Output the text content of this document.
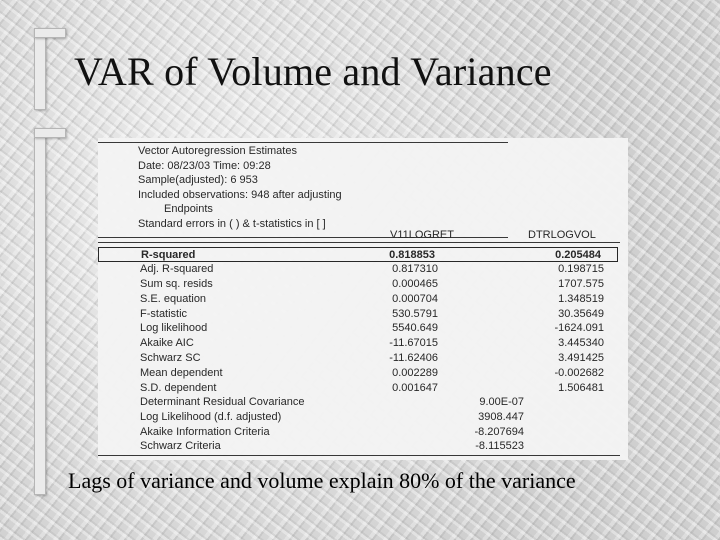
VAR of Volume and Variance
Vector Autoregression Estimates
Date: 08/23/03 Time: 09:28
Sample(adjusted): 6 953
Included observations: 948 after adjusting
Endpoints
Standard errors in ( ) & t-statistics in [ ]
V11LOGRET	DTRLOGVOL
R-squared	0.818853	0.205484
Adj. R-squared	0.817310	0.198715
Sum sq. resids	0.000465	1707.575
S.E. equation	0.000704	1.348519
F-statistic	530.5791	30.35649
Log likelihood	5540.649	-1624.091
Akaike AIC	-11.67015	3.445340
Schwarz SC	-11.62406	3.491425
Mean dependent	0.002289	-0.002682
S.D. dependent	0.001647	1.506481
Determinant Residual Covariance	9.00E-07
Log Likelihood (d.f. adjusted)	3908.447
Akaike Information Criteria	-8.207694
Schwarz Criteria	-8.115523
Lags of variance and volume explain 80% of the variance
